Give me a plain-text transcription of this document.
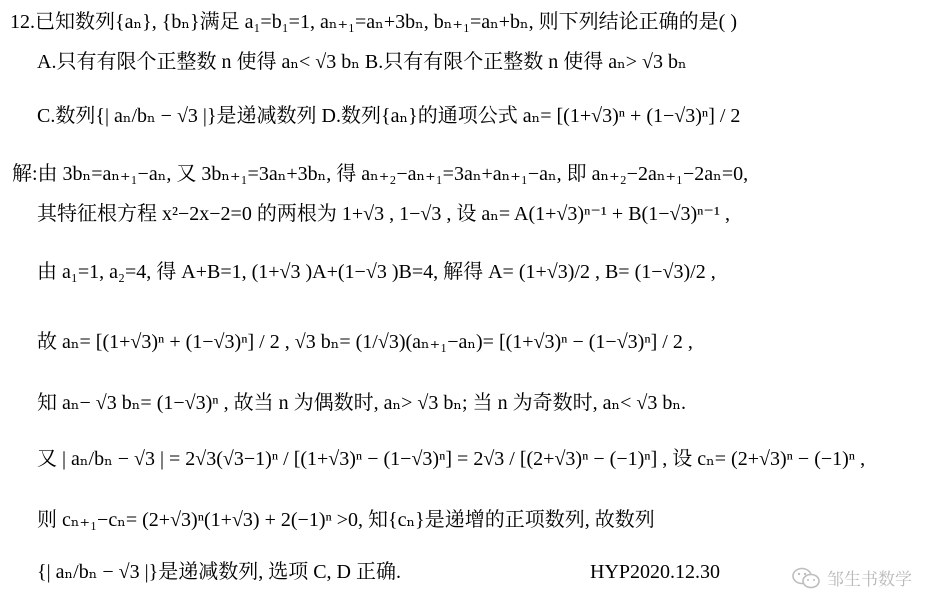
12.已知数列{aₙ}, {bₙ}满足 a₁=b₁=1, aₙ₊₁=aₙ+3bₙ, bₙ₊₁=aₙ+bₙ, 则下列结论正确的是( )
A.只有有限个正整数 n 使得 aₙ< √3 bₙ B.只有有限个正整数 n 使得 aₙ> √3 bₙ
C.数列{| aₙ/bₙ − √3 |}是递减数列 D.数列{aₙ}的通项公式 aₙ= [(1+√3)ⁿ + (1−√3)ⁿ] / 2
解:由 3bₙ=aₙ₊₁−aₙ, 又 3bₙ₊₁=3aₙ+3bₙ, 得 aₙ₊₂−aₙ₊₁=3aₙ+aₙ₊₁−aₙ, 即 aₙ₊₂−2aₙ₊₁−2aₙ=0,
其特征根方程 x²−2x−2=0 的两根为 1+√3 , 1−√3 , 设 aₙ= A(1+√3)ⁿ⁻¹ + B(1−√3)ⁿ⁻¹ ,
由 a₁=1, a₂=4, 得 A+B=1, (1+√3 )A+(1−√3 )B=4, 解得 A= (1+√3)/2 , B= (1−√3)/2 ,
故 aₙ= [(1+√3)ⁿ + (1−√3)ⁿ] / 2 , √3 bₙ= (1/√3)(aₙ₊₁−aₙ)= [(1+√3)ⁿ − (1−√3)ⁿ] / 2 ,
知 aₙ− √3 bₙ= (1−√3)ⁿ , 故当 n 为偶数时, aₙ> √3 bₙ; 当 n 为奇数时, aₙ< √3 bₙ.
又 | aₙ/bₙ − √3 | = 2√3(√3−1)ⁿ / [(1+√3)ⁿ − (1−√3)ⁿ] = 2√3 / [(2+√3)ⁿ − (−1)ⁿ] , 设 cₙ= (2+√3)ⁿ − (−1)ⁿ ,
则 cₙ₊₁−cₙ= (2+√3)ⁿ(1+√3) + 2(−1)ⁿ >0, 知{cₙ}是递增的正项数列, 故数列
{| aₙ/bₙ − √3 |}是递减数列, 选项 C, D 正确.	HYP2020.12.30	邹生书数学
